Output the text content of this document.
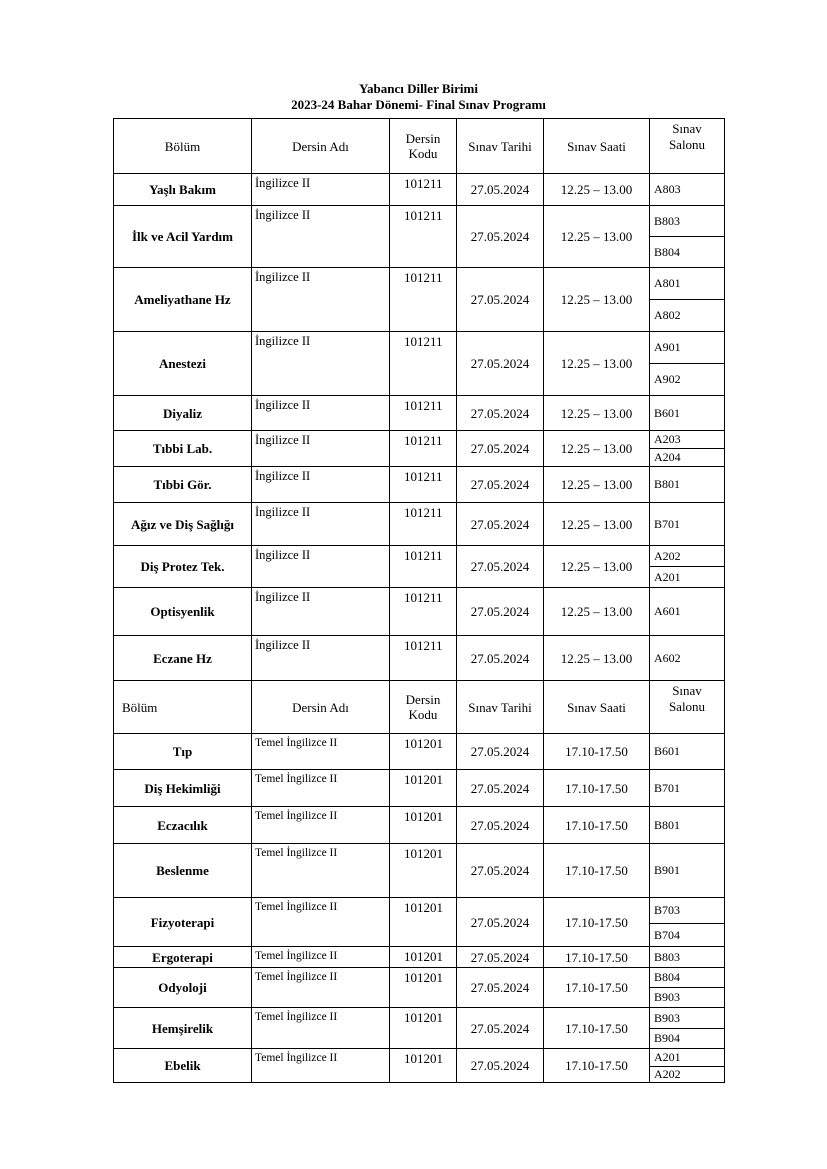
Yabancı Diller Birimi
2023-24 Bahar Dönemi- Final Sınav Programı
Bölüm	Dersin Adı	Dersin Kodu	Sınav Tarihi	Sınav Saati	Sınav Salonu
Yaşlı Bakım	İngilizce II	101211	27.05.2024	12.25 – 13.00	A803
İlk ve Acil Yardım	İngilizce II	101211	27.05.2024	12.25 – 13.00	B803
					B804
Ameliyathane Hz	İngilizce II	101211	27.05.2024	12.25 – 13.00	A801
					A802
Anestezi	İngilizce II	101211	27.05.2024	12.25 – 13.00	A901
					A902
Diyaliz	İngilizce II	101211	27.05.2024	12.25 – 13.00	B601
Tıbbi Lab.	İngilizce II	101211	27.05.2024	12.25 – 13.00	A203
					A204
Tıbbi Gör.	İngilizce II	101211	27.05.2024	12.25 – 13.00	B801
Ağız ve Diş Sağlığı	İngilizce II	101211	27.05.2024	12.25 – 13.00	B701
Diş Protez Tek.	İngilizce II	101211	27.05.2024	12.25 – 13.00	A202
					A201
Optisyenlik	İngilizce II	101211	27.05.2024	12.25 – 13.00	A601
Eczane Hz	İngilizce II	101211	27.05.2024	12.25 – 13.00	A602
Bölüm	Dersin Adı	Dersin Kodu	Sınav Tarihi	Sınav Saati	Sınav Salonu
Tıp	Temel İngilizce II	101201	27.05.2024	17.10-17.50	B601
Diş Hekimliği	Temel İngilizce II	101201	27.05.2024	17.10-17.50	B701
Eczacılık	Temel İngilizce II	101201	27.05.2024	17.10-17.50	B801
Beslenme	Temel İngilizce II	101201	27.05.2024	17.10-17.50	B901
Fizyoterapi	Temel İngilizce II	101201	27.05.2024	17.10-17.50	B703
					B704
Ergoterapi	Temel İngilizce II	101201	27.05.2024	17.10-17.50	B803
Odyoloji	Temel İngilizce II	101201	27.05.2024	17.10-17.50	B804
					B903
Hemşirelik	Temel İngilizce II	101201	27.05.2024	17.10-17.50	B903
					B904
Ebelik	Temel İngilizce II	101201	27.05.2024	17.10-17.50	A201
					A202
